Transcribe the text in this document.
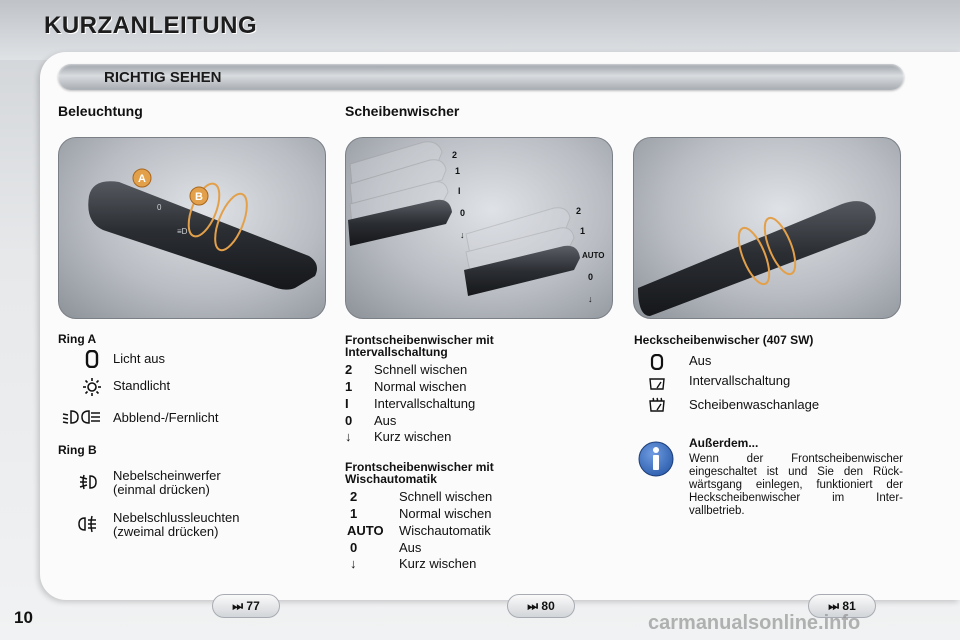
KURZANLEITUNG
RICHTIG SEHEN
Beleuchtung	Scheibenwischer
A
B
0
≡D
2
1
I
0
↓
2
1
AUTO
0
↓
Ring A
Licht aus
Standlicht
Abblend-/Fernlicht
Ring B
Nebelscheinwerfer
(einmal drücken)
Nebelschlussleuchten
(zweimal drücken)
Frontscheibenwischer mit
Intervallschaltung
2 Schnell wischen
1 Normal wischen
I Intervallschaltung
0 Aus
↓ Kurz wischen
Frontscheibenwischer mit
Wischautomatik
2	Schnell wischen
1	Normal wischen
AUTO Wischautomatik
0	Aus
↓	Kurz wischen
Heckscheibenwischer (407 SW)
Aus
Intervallschaltung
Scheibenwaschanlage
Außerdem...
Wenn der Frontscheibenwischer eingeschaltet ist und Sie den Rück- wärtsgang einlegen, funktioniert der Heckscheibenwischer im Inter- vallbetrieb.
⏭ 77	⏭ 80	⏭ 81
10	carmanualsonline.info
